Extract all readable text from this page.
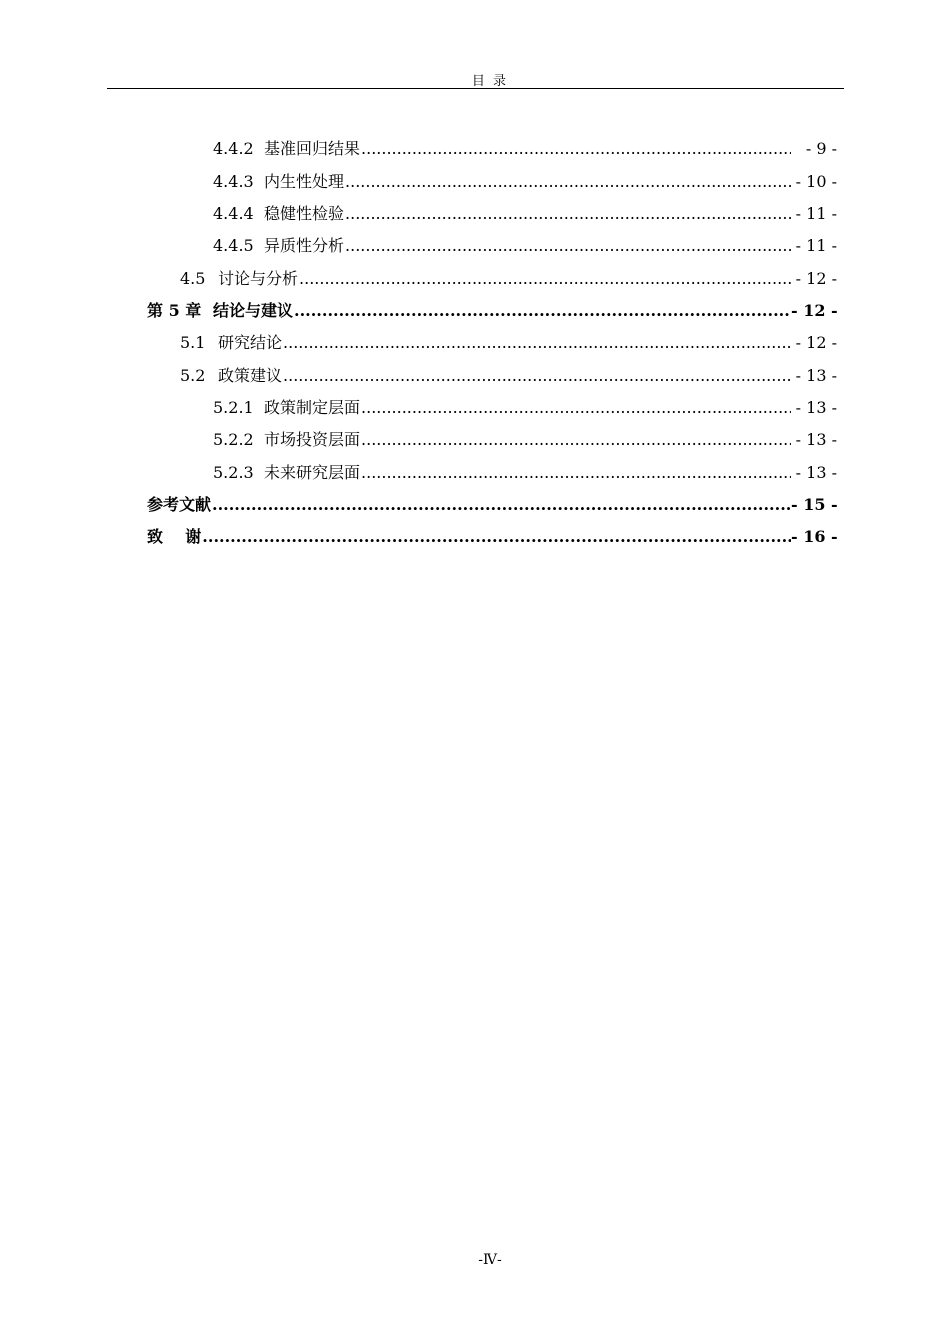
目 录
4.4.2 基准回归结果 .....	- 9 -
4.4.3 内生性处理 .....	- 10 -
4.4.4 稳健性检验 .....	- 11 -
4.4.5 异质性分析 .....	- 11 -
4.5 讨论与分析 .....	- 12 -
第 5 章 结论与建议 .....	- 12 -
5.1 研究结论 .....	- 12 -
5.2 政策建议 .....	- 13 -
5.2.1 政策制定层面 .....	- 13 -
5.2.2 市场投资层面 .....	- 13 -
5.2.3 未来研究层面 .....	- 13 -
参考文献 .....	- 15 -
致    谢 .....	- 16 -
-Ⅳ-
